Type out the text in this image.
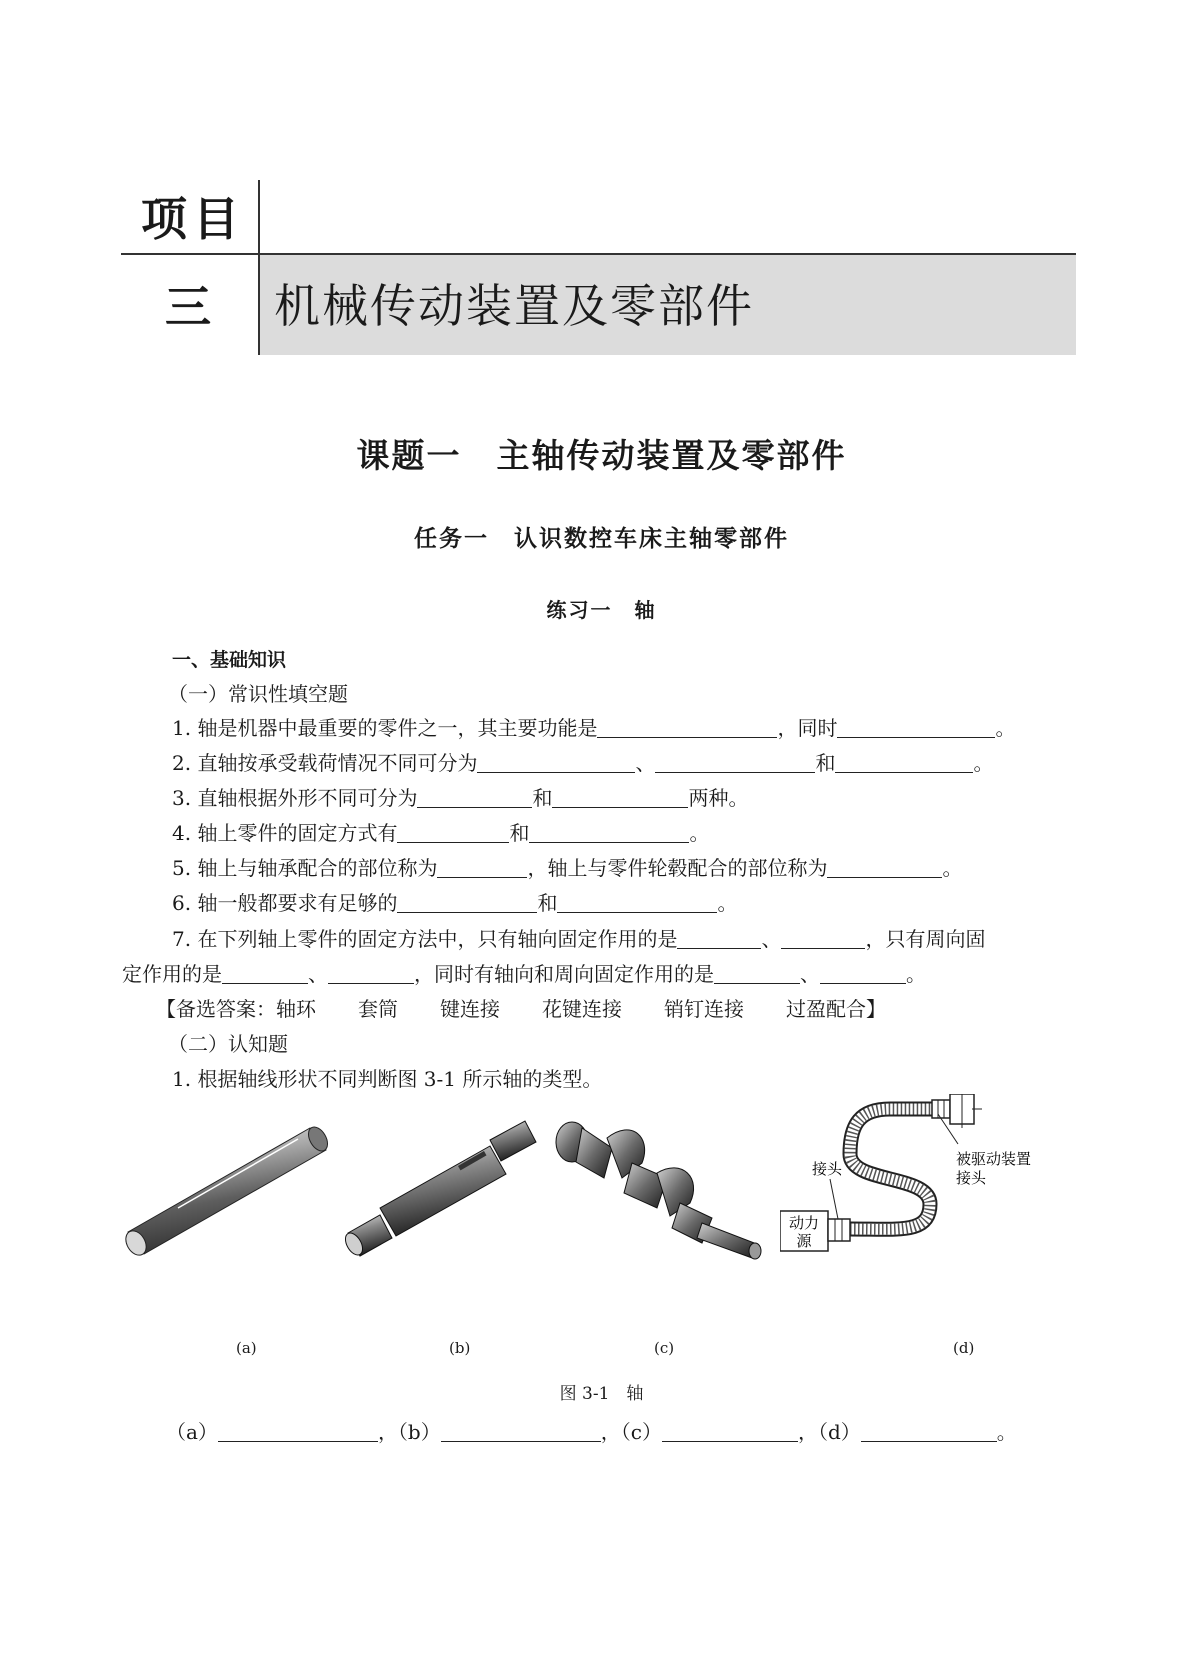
项目
三 机械传动装置及零部件
课题一　主轴传动装置及零部件
任务一　认识数控车床主轴零部件
练习一　轴
一、基础知识
（一）常识性填空题
1. 轴是机器中最重要的零件之一，其主要功能是	，同时	。
2. 直轴按承受载荷情况不同可分为	、	和	。
3. 直轴根据外形不同可分为	和	两种。
4. 轴上零件的固定方式有	和	。
5. 轴上与轴承配合的部位称为	，轴上与零件轮毂配合的部位称为	。
6. 轴一般都要求有足够的	和	。
7. 在下列轴上零件的固定方法中，只有轴向固定作用的是	、	，只有周向固
定作用的是	、	，同时有轴向和周向固定作用的是	、	。
【备选答案：轴环 套筒 键连接 花键连接 销钉连接 过盈配合】
（二）认知题
1. 根据轴线形状不同判断图 3-1 所示轴的类型。
动力
源
接头
被驱动装置
接头
(a)	(b)	(c)	(d)
图 3-1　轴
（a）	，（b）	，（c）	，（d）	。
